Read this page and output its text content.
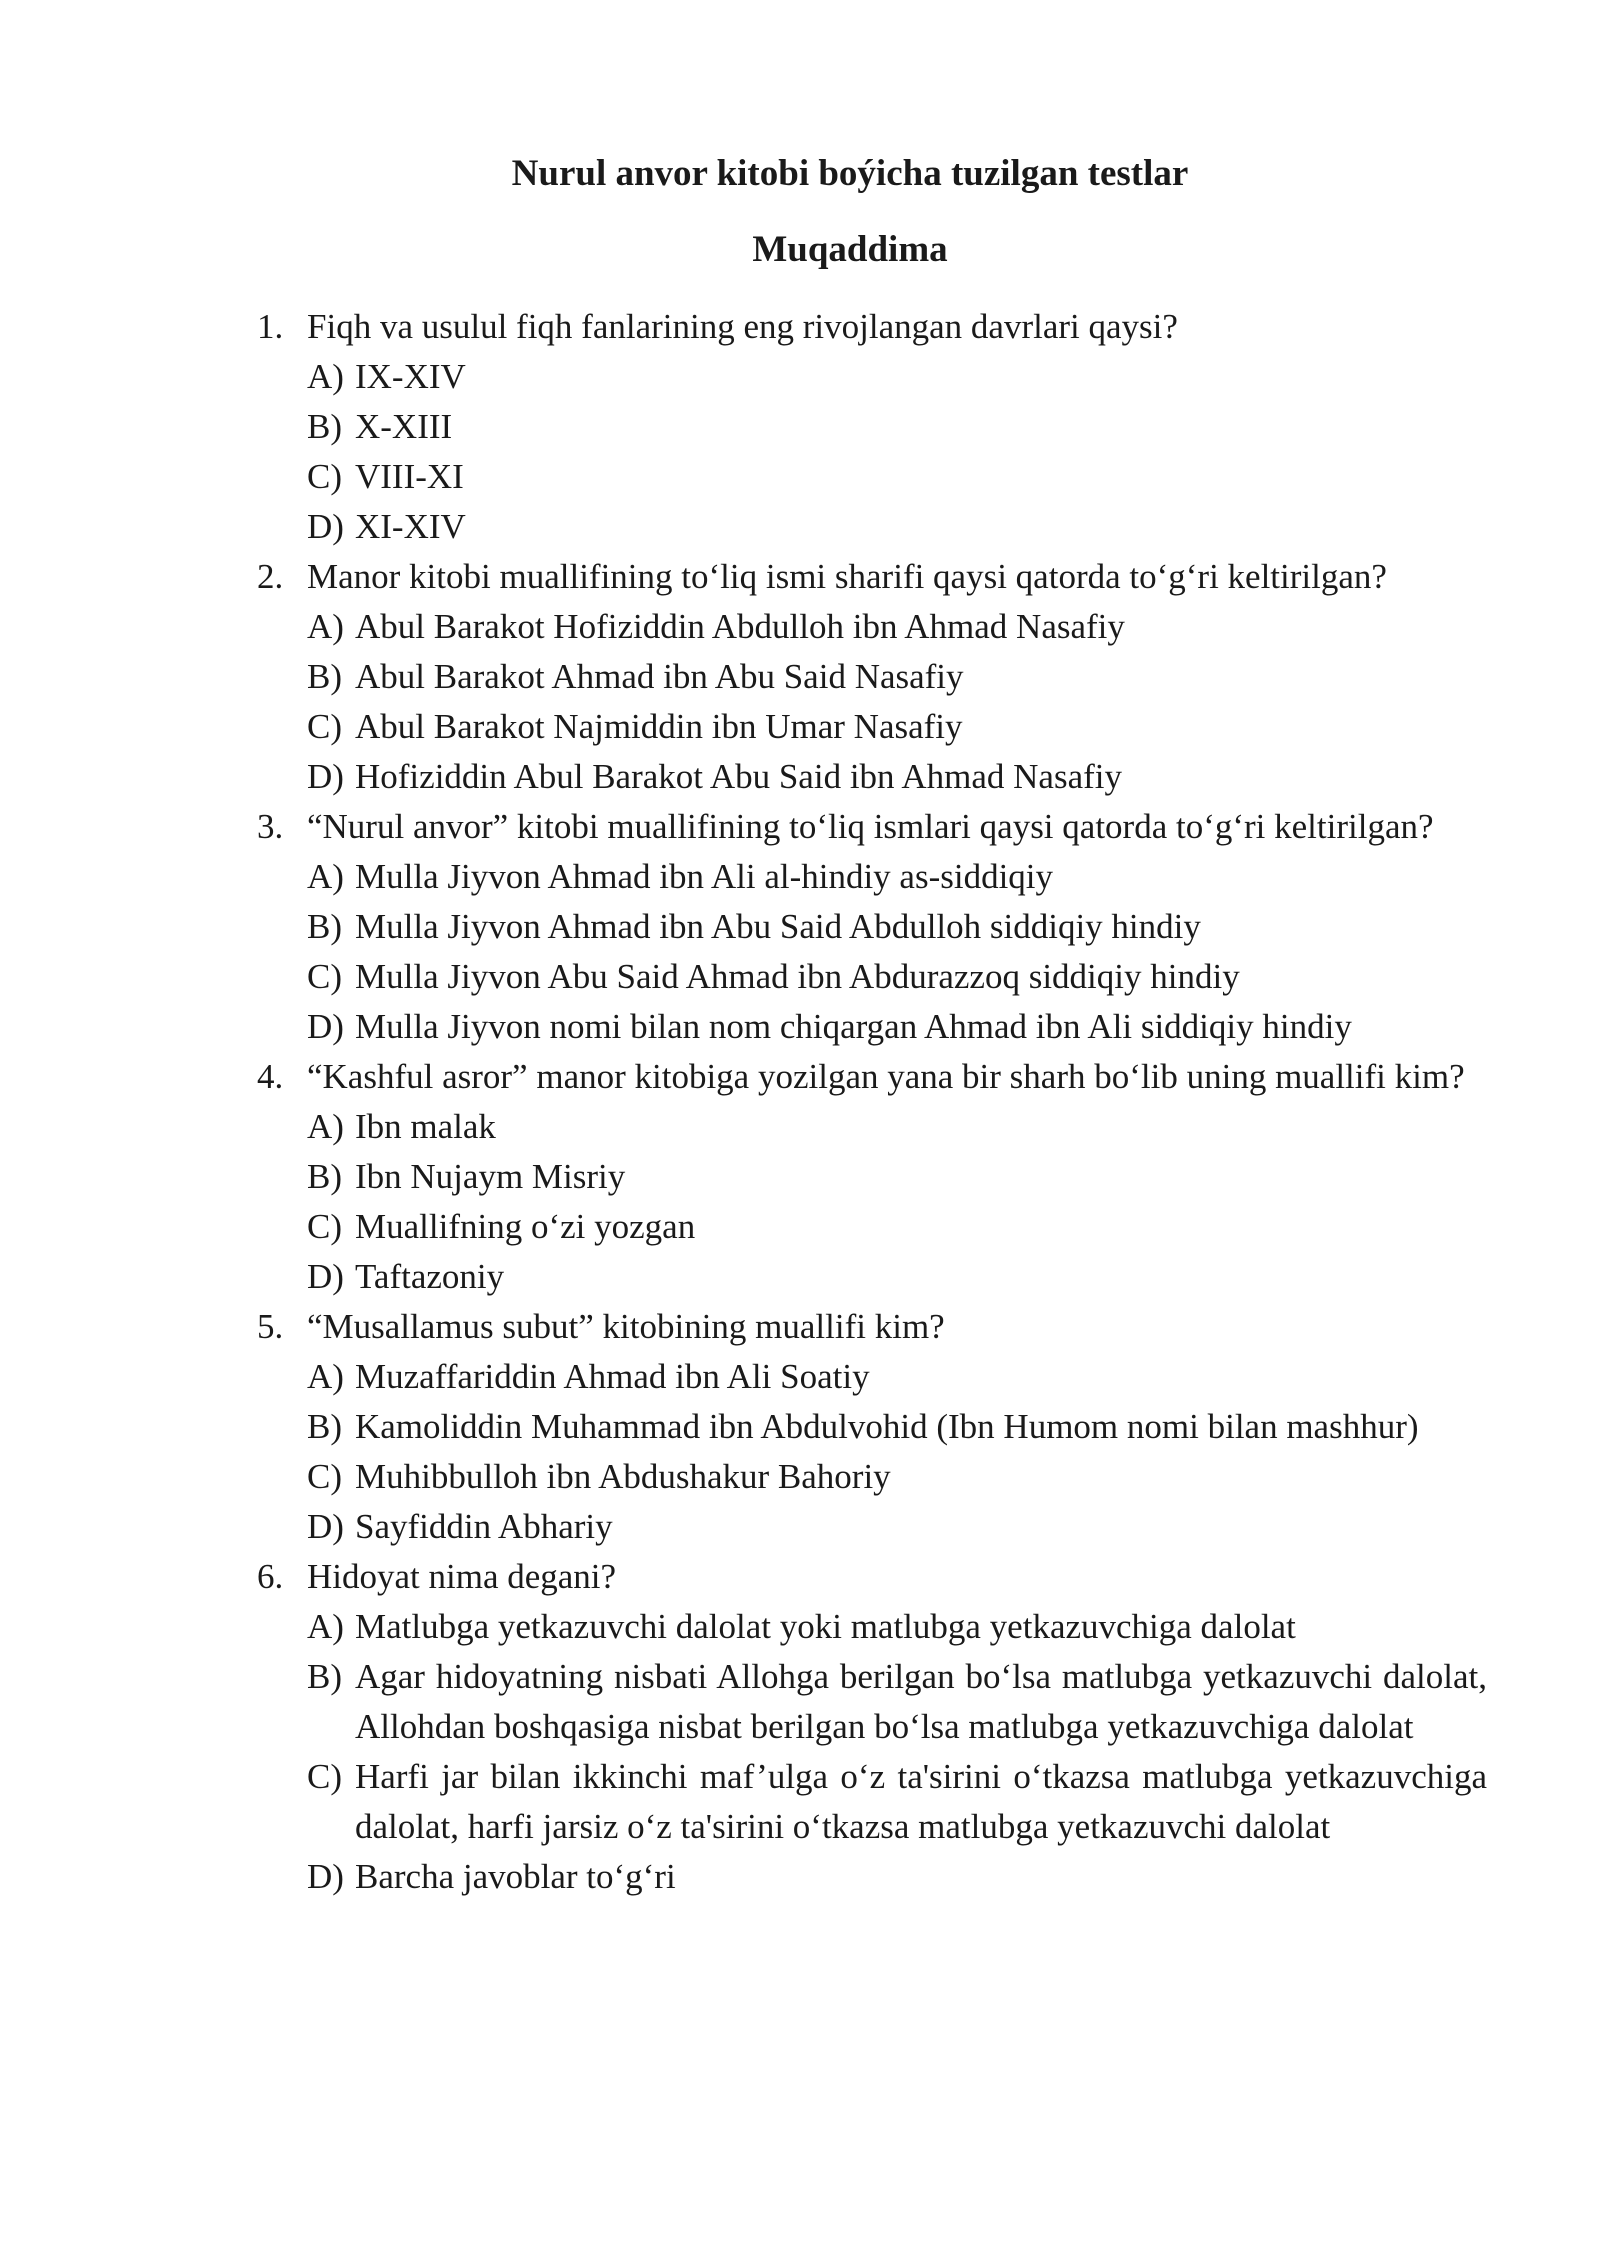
Nurul anvor kitobi boýicha tuzilgan testlar
Muqaddima
1. Fiqh va usulul fiqh fanlarining eng rivojlangan davrlari qaysi?
A) IX-XIV
B) X-XIII
C) VIII-XI
D) XI-XIV
2. Manor kitobi muallifining to‘liq ismi sharifi qaysi qatorda to‘g‘ri keltirilgan?
A) Abul Barakot Hofiziddin Abdulloh ibn Ahmad Nasafiy
B) Abul Barakot Ahmad ibn Abu Said Nasafiy
C) Abul Barakot Najmiddin ibn Umar Nasafiy
D) Hofiziddin Abul Barakot Abu Said ibn Ahmad Nasafiy
3. “Nurul anvor” kitobi muallifining to‘liq ismlari qaysi qatorda to‘g‘ri keltirilgan?
A) Mulla Jiyvon Ahmad ibn Ali al-hindiy as-siddiqiy
B) Mulla Jiyvon Ahmad ibn Abu Said Abdulloh siddiqiy hindiy
C) Mulla Jiyvon Abu Said Ahmad ibn Abdurazzoq siddiqiy hindiy
D) Mulla Jiyvon nomi bilan nom chiqargan Ahmad ibn Ali siddiqiy hindiy
4. “Kashful asror” manor kitobiga yozilgan yana bir sharh bo‘lib uning muallifi kim?
A) Ibn malak
B) Ibn Nujaym Misriy
C) Muallifning o‘zi yozgan
D) Taftazoniy
5. “Musallamus subut” kitobining muallifi kim?
A) Muzaffariddin Ahmad ibn Ali Soatiy
B) Kamoliddin Muhammad ibn Abdulvohid (Ibn Humom nomi bilan mashhur)
C) Muhibbulloh ibn Abdushakur Bahoriy
D) Sayfiddin Abhariy
6. Hidoyat nima degani?
A) Matlubga yetkazuvchi dalolat yoki matlubga yetkazuvchiga dalolat
B) Agar hidoyatning nisbati Allohga berilgan bo‘lsa matlubga yetkazuvchi dalolat, Allohdan boshqasiga nisbat berilgan bo‘lsa matlubga yetkazuvchiga dalolat
C) Harfi jar bilan ikkinchi maf’ulga o‘z ta'sirini o‘tkazsa matlubga yetkazuvchiga dalolat, harfi jarsiz o‘z ta'sirini o‘tkazsa matlubga yetkazuvchi dalolat
D) Barcha javoblar to‘g‘ri
